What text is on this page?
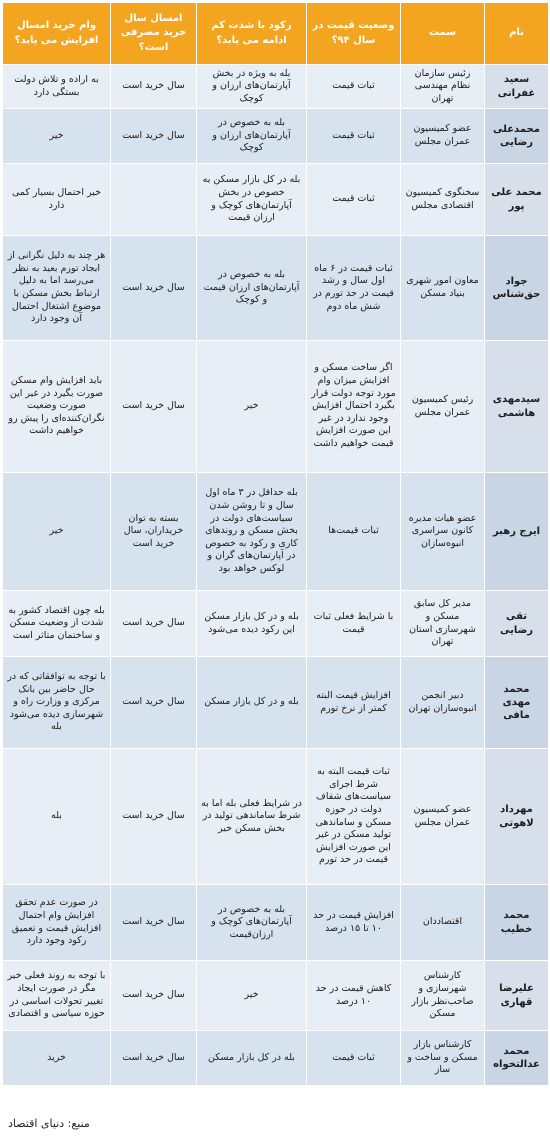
نام	سمت	وضعیت قیمت در سال ۹۴؟	رکود با شدت کم ادامه می یابد؟	امسال سال خرید مصرفی است؟	وام خرید امسال افزایش می یابد؟
سعید غفرانی	رئیس سازمان نظام مهندسی تهران	ثبات قیمت	بله به ویژه در بخش آپارتمان‌های ارزان و کوچک	سال خرید است	به اراده و تلاش دولت بستگی دارد
محمدعلی رضایی	عضو کمیسیون عمران مجلس	ثبات قیمت	بله به خصوص در آپارتمان‌های ارزان و کوچک	سال خرید است	خیر
محمد علی پور	سخنگوی کمیسیون اقتصادی مجلس	ثبات قیمت	بله در کل بازار مسکن به خصوص در بخش آپارتمان‌های کوچک و ارزان قیمت		خیر احتمال بسیار کمی دارد
جواد حق‌شناس	معاون امور شهری بنیاد مسکن	ثبات قیمت در ۶ ماه اول سال و رشد قیمت در حد تورم در شش ماه دوم	بله به خصوص در آپارتمان‌های ارزان قیمت و کوچک	سال خرید است	هر چند به دلیل نگرانی از ایجاد تورم بعید به نظر می‌رسد اما به دلیل ارتباط بخش مسکن با موضوع اشتغال احتمال آن وجود دارد
سیدمهدی هاشمی	رئیس کمیسیون عمران مجلس	اگر ساخت مسکن و افزایش میزان وام مورد توجه دولت قرار بگیرد احتمال افزایش وجود ندارد در غیر این صورت افزایش قیمت خواهیم داشت	خیر	سال خرید است	باید افزایش وام مسکن صورت بگیرد در غیر این صورت وضعیت نگران‌کننده‌ای را پیش رو خواهیم داشت
ایرج رهبر	عضو هیات مدیره کانون سراسری انبوه‌سازان	ثبات قیمت‌ها	بله حداقل در ۳ ماه اول سال و تا روشن شدن سیاست‌های دولت در بخش مسکن و روندهای کاری و رکود به خصوص در آپارتمان‌های گران و لوکس خواهد بود	بسته به توان خریداران، سال خرید است	خیر
تقی رضایی	مدیر کل سابق مسکن و شهرسازی استان تهران	با شرایط فعلی ثبات قیمت	بله و در کل بازار مسکن این رکود دیده می‌شود	سال خرید است	بله چون اقتصاد کشور به شدت از وضعیت مسکن و ساختمان متاثر است
محمد مهدی مافی	دبیر انجمن انبوه‌سازان تهران	افزایش قیمت البته کمتر از نرخ تورم	بله و در کل بازار مسکن	سال خرید است	با توجه به توافقاتی که در حال حاضر بین بانک مرکزی و وزارت راه و شهرسازی دیده می‌شود بله
مهرداد لاهوتی	عضو کمیسیون عمران مجلس	ثبات قیمت البته به شرط اجرای سیاست‌های شفاف دولت در حوزه مسکن و ساماندهی تولید مسکن در غیر این صورت افزایش قیمت در حد تورم	در شرایط فعلی بله اما به شرط ساماندهی تولید در بخش مسکن خیر	سال خرید است	بله
محمد خطیب	اقتصاددان	افزایش قیمت در حد ۱۰ تا ۱۵ درصد	بله به خصوص در آپارتمان‌های کوچک و ارزان‌قیمت	سال خرید است	در صورت عدم تحقق افزایش وام احتمال افزایش قیمت و تعمیق رکود وجود دارد
علیرضا قهاری	کارشناس شهرسازی و صاحب‌نظر بازار مسکن	کاهش قیمت در حد ۱۰ درصد	خیر	سال خرید است	با توجه به روند فعلی خیر مگر در صورت ایجاد تغییر تحولات اساسی در حوزه سیاسی و اقتصادی
محمد عدالتخواه	کارشناس بازار مسکن و ساخت و ساز	ثبات قیمت	بله در کل بازار مسکن	سال خرید است	خرید
منبع: دنیای اقتصاد
